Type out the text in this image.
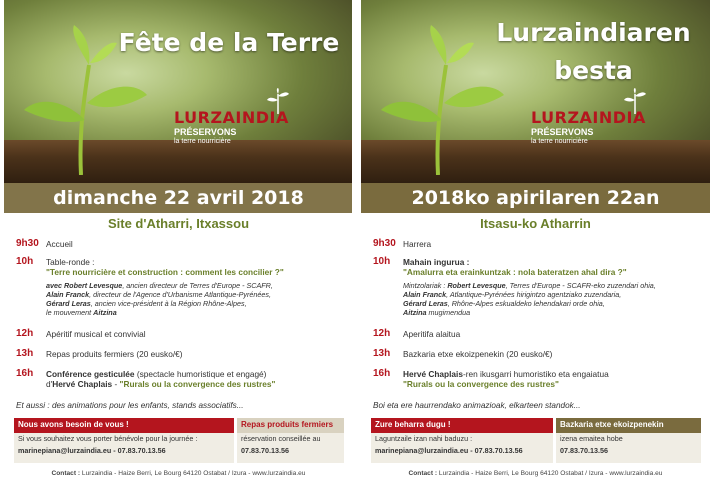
Fête de la Terre
LURZAINDIA
PRÉSERVONS
la terre nourricière
dimanche 22 avril 2018
Site d'Atharri, Itxassou
9h30 Accueil
10h Table-ronde :
"Terre nourricière et construction : comment les concilier ?"
avec Robert Levesque, ancien directeur de Terres d'Europe - SCAFR,
Alain Franck, directeur de l'Agence d'Urbanisme Atlantique-Pyrénées,
Gérard Leras, ancien vice-président à la Région Rhône-Alpes,
le mouvement Aitzina
12h Apéritif musical et convivial
13h Repas produits fermiers (20 eusko/€)
16h Conférence gesticulée (spectacle humoristique et engagé)
d'Hervé Chaplais - "Rurals ou la convergence des rustres"
Et aussi : des animations pour les enfants, stands associatifs...
Nous avons besoin de vous !
Si vous souhaitez vous porter bénévole pour la journée :
marinepiana@lurzaindia.eu - 07.83.70.13.56
Repas produits fermiers
réservation conseillée au
07.83.70.13.56
Contact : Lurzaindia - Haize Berri, Le Bourg 64120 Ostabat / Izura - www.lurzaindia.eu
Lurzaindiaren
besta
LURZAINDIA
PRÉSERVONS
la terre nourricière
2018ko apirilaren 22an
Itsasu-ko Atharrin
9h30 Harrera
10h Mahain ingurua :
"Amalurra eta erainkuntzak : nola bateratzen ahal dira ?"
Mintzolariak : Robert Levesque, Terres d'Europe - SCAFR-eko zuzendari ohia,
Alain Franck, Atlantique-Pyrénées hirigintzo agentziako zuzendaria,
Gérard Leras, Rhône-Alpes eskualdeko lehendakari orde ohia,
Aitzina mugimendua
12h Aperitifa alaitua
13h Bazkaria etxe ekoizpenekin (20 eusko/€)
16h Hervé Chaplais-ren ikusgarri humoristiko eta engaiatua
"Rurals ou la convergence des rustres"
Boi eta ere haurrendako animazioak, elkarteen standok...
Zure beharra dugu !
Laguntzaile izan nahi baduzu :
marinepiana@lurzaindia.eu - 07.83.70.13.56
Bazkaria etxe ekoizpenekin
izena emaitea hobe
07.83.70.13.56
Contact : Lurzaindia - Haize Berri, Le Bourg 64120 Ostabat / Izura - www.lurzaindia.eu
